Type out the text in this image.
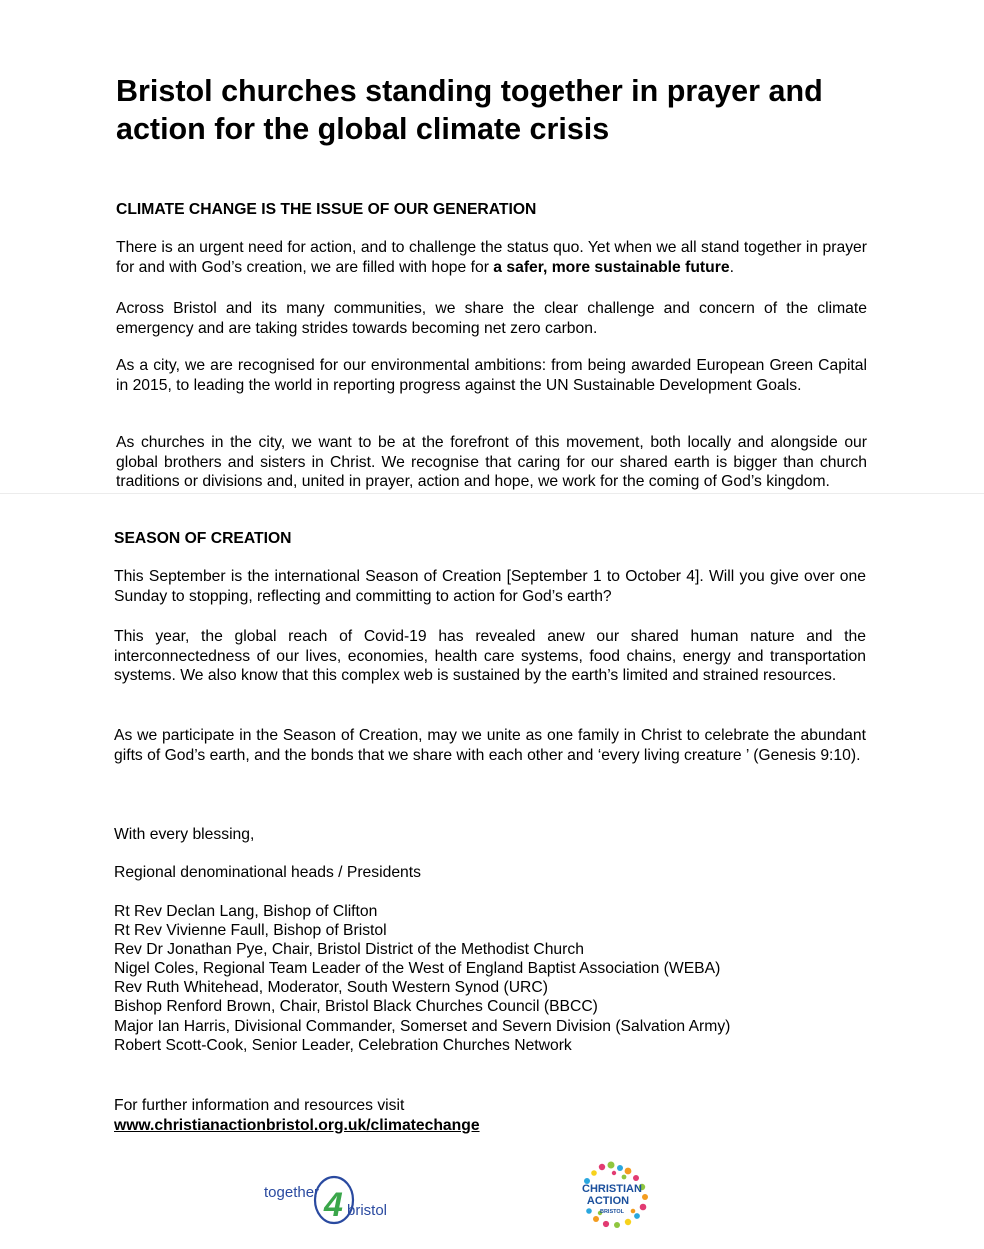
Bristol churches standing together in prayer and action for the global climate crisis
CLIMATE CHANGE IS THE ISSUE OF OUR GENERATION

There is an urgent need for action, and to challenge the status quo. Yet when we all stand together in prayer for and with God’s creation, we are filled with hope for a safer, more sustainable future.

Across Bristol and its many communities, we share the clear challenge and concern of the climate emergency and are taking strides towards becoming net zero carbon.

As a city, we are recognised for our environmental ambitions: from being awarded European Green Capital in 2015, to leading the world in reporting progress against the UN Sustainable Development Goals.

As churches in the city, we want to be at the forefront of this movement, both locally and alongside our global brothers and sisters in Christ. We recognise that caring for our shared earth is bigger than church traditions or divisions and, united in prayer, action and hope, we work for the coming of God’s kingdom.

SEASON OF CREATION

This September is the international Season of Creation [September 1 to October 4]. Will you give over one Sunday to stopping, reflecting and committing to action for God’s earth?

This year, the global reach of Covid-19 has revealed anew our shared human nature and the interconnectedness of our lives, economies, health care systems, food chains, energy and transportation systems. We also know that this complex web is sustained by the earth’s limited and strained resources.

As we participate in the Season of Creation, may we unite as one family in Christ to celebrate the abundant gifts of God’s earth, and the bonds that we share with each other and ‘every living creature ’ (Genesis 9:10).

With every blessing,
Regional denominational heads / Presidents
Rt Rev Declan Lang, Bishop of Clifton
Rt Rev Vivienne Faull, Bishop of Bristol
Rev Dr Jonathan Pye, Chair, Bristol District of the Methodist Church
Nigel Coles, Regional Team Leader of the West of England Baptist Association (WEBA)
Rev Ruth Whitehead, Moderator, South Western Synod (URC)
Bishop Renford Brown, Chair, Bristol Black Churches Council (BBCC)
Major Ian Harris, Divisional Commander, Somerset and Severn Division (Salvation Army)
Robert Scott-Cook, Senior Leader, Celebration Churches Network
For further information and resources visit
www.christianactionbristol.org.uk/climatechange
together 4 bristol
CHRISTIAN
ACTION
BRISTOL
